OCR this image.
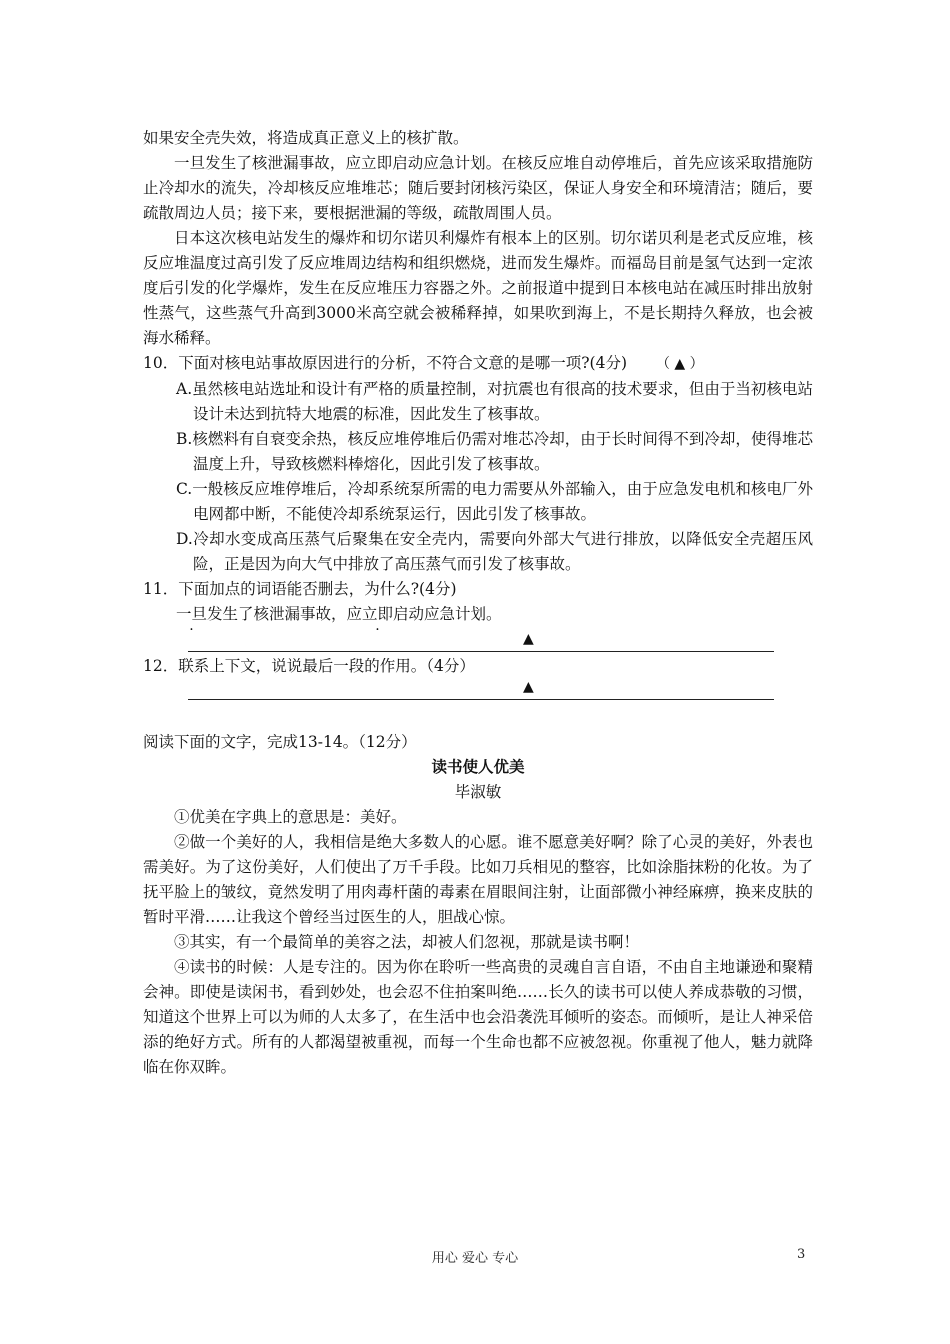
如果安全壳失效，将造成真正意义上的核扩散。

一旦发生了核泄漏事故，应立即启动应急计划。在核反应堆自动停堆后，首先应该采取措施防止冷却水的流失，冷却核反应堆堆芯；随后要封闭核污染区，保证人身安全和环境清洁；随后，要疏散周边人员；接下来，要根据泄漏的等级，疏散周围人员。

日本这次核电站发生的爆炸和切尔诺贝利爆炸有根本上的区别。切尔诺贝利是老式反应堆，核反应堆温度过高引发了反应堆周边结构和组织燃烧，进而发生爆炸。而福岛目前是氢气达到一定浓度后引发的化学爆炸，发生在反应堆压力容器之外。之前报道中提到日本核电站在减压时排出放射性蒸气，这些蒸气升高到3000米高空就会被稀释掉，如果吹到海上，不是长期持久释放，也会被海水稀释。

10．下面对核电站事故原因进行的分析，不符合文意的是哪一项?(4分) （ ▲ ）

A.虽然核电站选址和设计有严格的质量控制，对抗震也有很高的技术要求，但由于当初核电站设计未达到抗特大地震的标准，因此发生了核事故。

B.核燃料有自衰变余热，核反应堆停堆后仍需对堆芯冷却，由于长时间得不到冷却，使得堆芯温度上升，导致核燃料棒熔化，因此引发了核事故。

C.一般核反应堆停堆后，冷却系统泵所需的电力需要从外部输入，由于应急发电机和核电厂外电网都中断，不能使冷却系统泵运行，因此引发了核事故。

D.冷却水变成高压蒸气后聚集在安全壳内，需要向外部大气进行排放，以降低安全壳超压风险，正是因为向大气中排放了高压蒸气而引发了核事故。

11．下面加点的词语能否删去，为什么?(4分)

一旦发生了核泄漏事故，应立即启动应急计划。

▲

12．联系上下文，说说最后一段的作用。（4分）

▲

阅读下面的文字，完成13-14。（12分）

读书使人优美

毕淑敏

①优美在字典上的意思是：美好。

②做一个美好的人，我相信是绝大多数人的心愿。谁不愿意美好啊？除了心灵的美好，外表也需美好。为了这份美好，人们使出了万千手段。比如刀兵相见的整容，比如涂脂抹粉的化妆。为了抚平脸上的皱纹，竟然发明了用肉毒杆菌的毒素在眉眼间注射，让面部微小神经麻痹，换来皮肤的暂时平滑……让我这个曾经当过医生的人，胆战心惊。

③其实，有一个最简单的美容之法，却被人们忽视，那就是读书啊！

④读书的时候：人是专注的。因为你在聆听一些高贵的灵魂自言自语，不由自主地谦逊和聚精会神。即使是读闲书，看到妙处，也会忍不住拍案叫绝……长久的读书可以使人养成恭敬的习惯，知道这个世界上可以为师的人太多了，在生活中也会沿袭洗耳倾听的姿态。而倾听，是让人神采倍添的绝好方式。所有的人都渴望被重视，而每一个生命也都不应被忽视。你重视了他人，魅力就降临在你双眸。

用心 爱心 专心	3
